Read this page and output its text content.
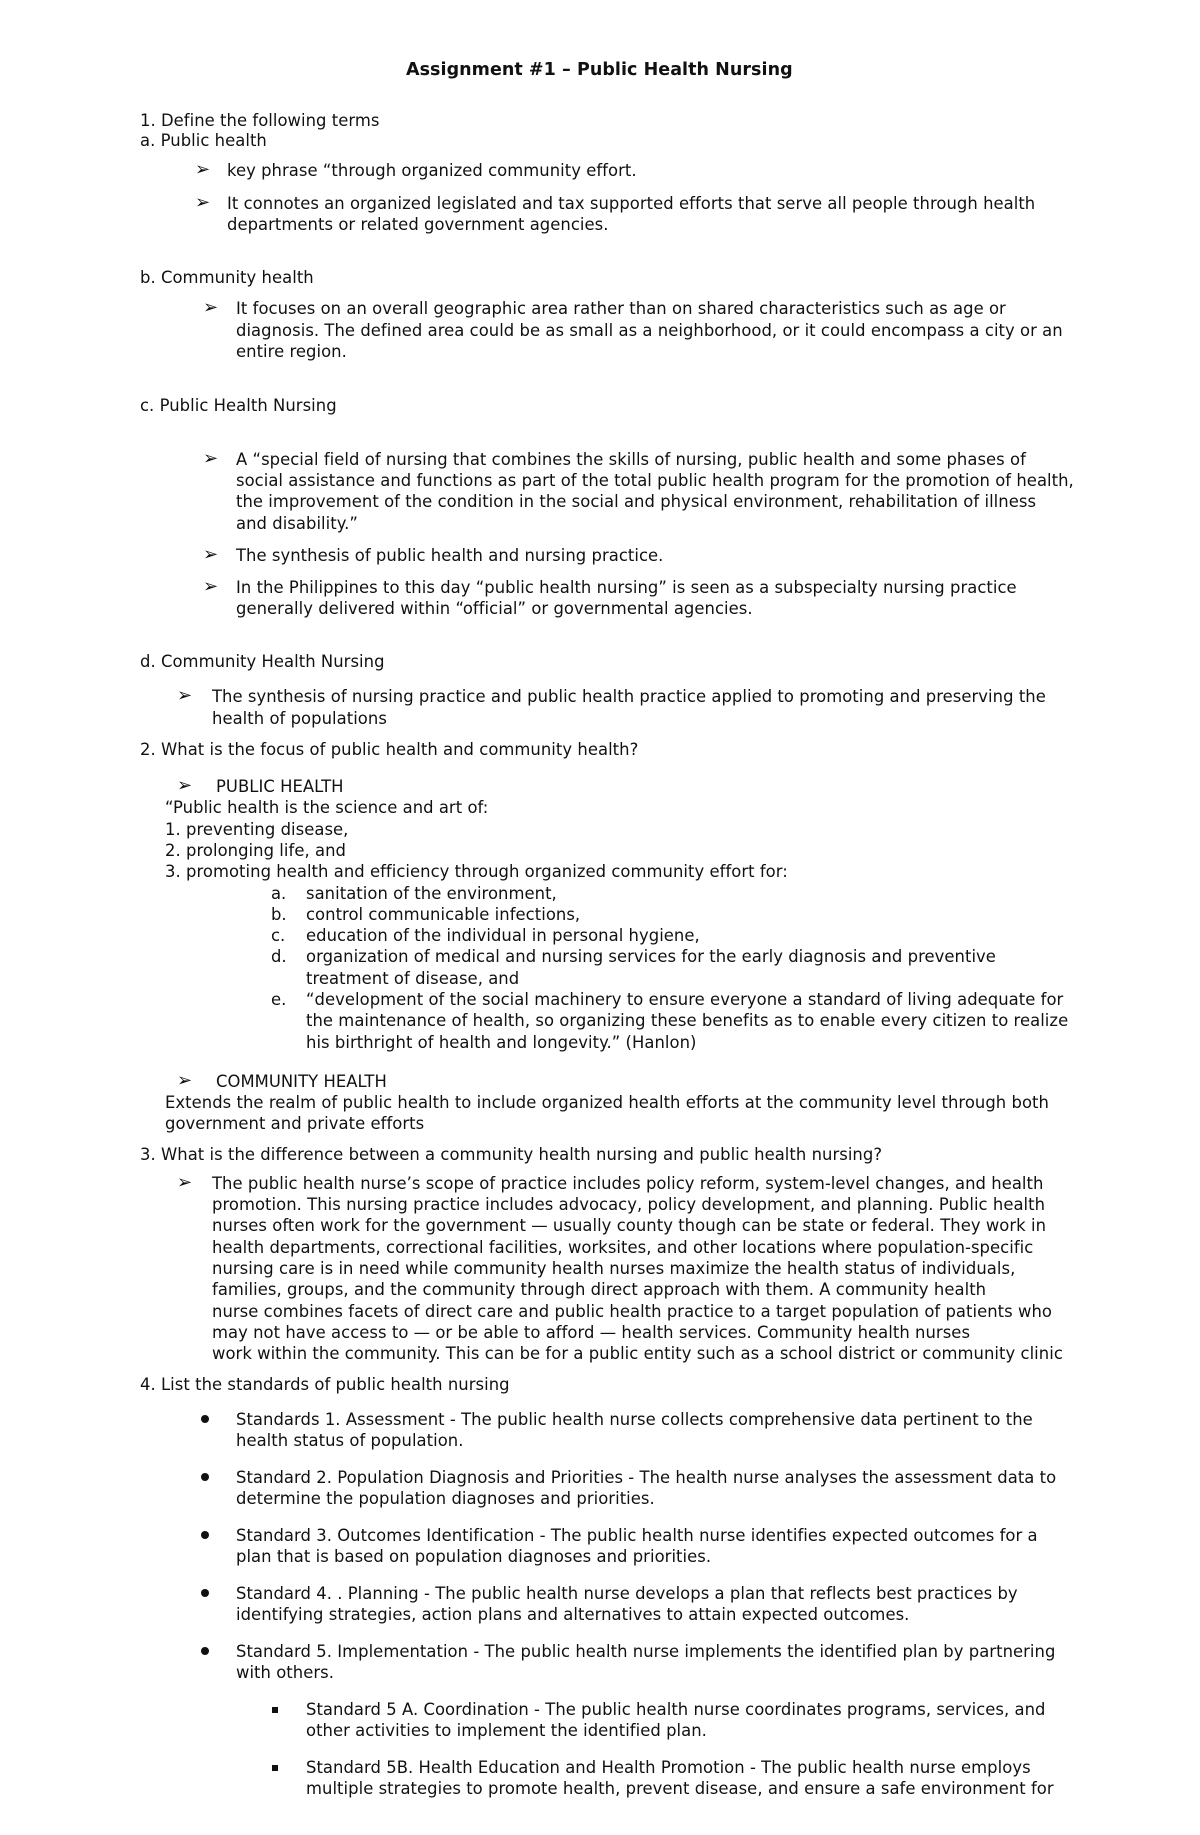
Assignment #1 – Public Health Nursing
1. Define the following terms
a. Public health
➢ key phrase “through organized community effort.
➢ It connotes an organized legislated and tax supported efforts that serve all people through health
departments or related government agencies.
b. Community health
➢ It focuses on an overall geographic area rather than on shared characteristics such as age or
diagnosis. The defined area could be as small as a neighborhood, or it could encompass a city or an
entire region.
c. Public Health Nursing
➢ A “special field of nursing that combines the skills of nursing, public health and some phases of
social assistance and functions as part of the total public health program for the promotion of health,
the improvement of the condition in the social and physical environment, rehabilitation of illness
and disability.”
➢ The synthesis of public health and nursing practice.
➢ In the Philippines to this day “public health nursing” is seen as a subspecialty nursing practice
generally delivered within “official” or governmental agencies.
d. Community Health Nursing
➢ The synthesis of nursing practice and public health practice applied to promoting and preserving the
health of populations
2. What is the focus of public health and community health?
➢ PUBLIC HEALTH
“Public health is the science and art of:
1. preventing disease,
2. prolonging life, and
3. promoting health and efficiency through organized community effort for:
a. sanitation of the environment,
b. control communicable infections,
c. education of the individual in personal hygiene,
d. organization of medical and nursing services for the early diagnosis and preventive
treatment of disease, and
e. “development of the social machinery to ensure everyone a standard of living adequate for
the maintenance of health, so organizing these benefits as to enable every citizen to realize
his birthright of health and longevity.” (Hanlon)
➢ COMMUNITY HEALTH
Extends the realm of public health to include organized health efforts at the community level through both
government and private efforts
3. What is the difference between a community health nursing and public health nursing?
➢ The public health nurse’s scope of practice includes policy reform, system-level changes, and health
promotion. This nursing practice includes advocacy, policy development, and planning. Public health
nurses often work for the government — usually county though can be state or federal. They work in
health departments, correctional facilities, worksites, and other locations where population-specific
nursing care is in need while community health nurses maximize the health status of individuals,
families, groups, and the community through direct approach with them. A community health
nurse combines facets of direct care and public health practice to a target population of patients who
may not have access to — or be able to afford — health services. Community health nurses
work within the community. This can be for a public entity such as a school district or community clinic
4. List the standards of public health nursing
Standards 1. Assessment - The public health nurse collects comprehensive data pertinent to the
health status of population.
Standard 2. Population Diagnosis and Priorities - The health nurse analyses the assessment data to
determine the population diagnoses and priorities.
Standard 3. Outcomes Identification - The public health nurse identifies expected outcomes for a
plan that is based on population diagnoses and priorities.
Standard 4. . Planning - The public health nurse develops a plan that reflects best practices by
identifying strategies, action plans and alternatives to attain expected outcomes.
Standard 5. Implementation - The public health nurse implements the identified plan by partnering
with others.
Standard 5 A. Coordination - The public health nurse coordinates programs, services, and
other activities to implement the identified plan.
Standard 5B. Health Education and Health Promotion - The public health nurse employs
multiple strategies to promote health, prevent disease, and ensure a safe environment for
